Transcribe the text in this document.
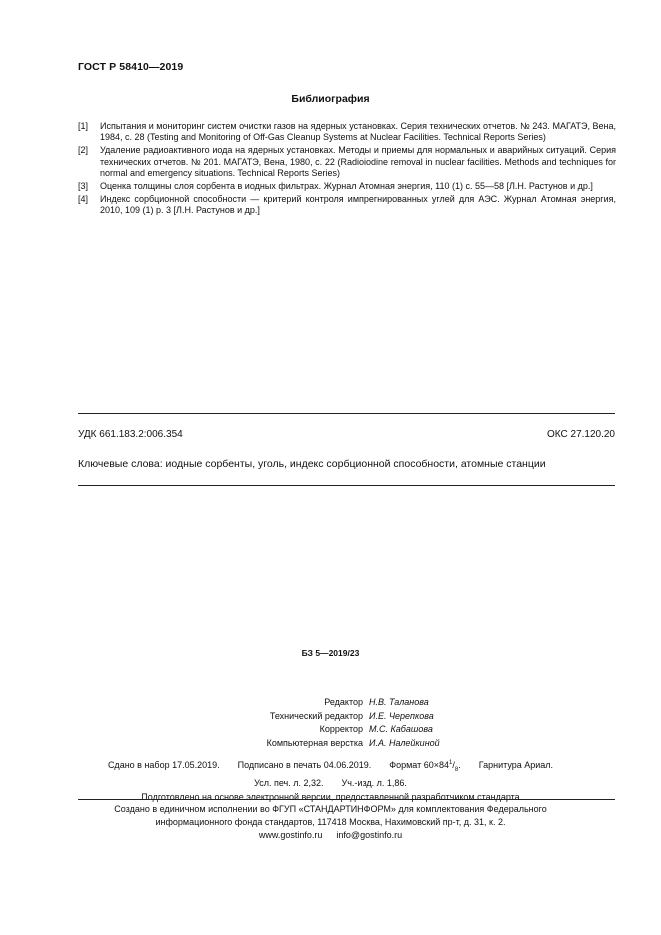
ГОСТ Р 58410—2019
Библиография
[1]	Испытания и мониторинг систем очистки газов на ядерных установках. Серия технических отчетов. № 243. МАГАТЭ, Вена, 1984, с. 28 (Testing and Monitoring of Off-Gas Cleanup Systems at Nuclear Facilities. Technical Reports Series)
[2]	Удаление радиоактивного иода на ядерных установках. Методы и приемы для нормальных и аварийных ситуаций. Серия технических отчетов. № 201. МАГАТЭ, Вена, 1980, с. 22 (Radioiodine removal in nuclear facilities. Methods and techniques for normal and emergency situations. Technical Reports Series)
[3]	Оценка толщины слоя сорбента в иодных фильтрах. Журнал Атомная энергия, 110 (1) с. 55—58 [Л.Н. Растунов и др.]
[4]	Индекс сорбционной способности — критерий контроля импрегнированных углей для АЭС. Журнал Атомная энергия, 2010, 109 (1) р. 3 [Л.Н. Растунов и др.]
УДК 661.183.2:006.354	ОКС 27.120.20
Ключевые слова: иодные сорбенты, уголь, индекс сорбционной способности, атомные станции
БЗ 5—2019/23
Редактор Н.В. Таланова
Технический редактор И.Е. Черепкова
Корректор М.С. Кабашова
Компьютерная верстка И.А. Налейкиной
Сдано в набор 17.05.2019. Подписано в печать 04.06.2019. Формат $60\times 84^1/_8$. Гарнитура Ариал.
Усл. печ. л. 2,32. Уч.-изд. л. 1,86.
Подготовлено на основе электронной версии, предоставленной разработчиком стандарта
Создано в единичном исполнении во ФГУП «СТАНДАРТИНФОРМ» для комплектования Федерального
информационного фонда стандартов, 117418 Москва, Нахимовский пр-т, д. 31, к. 2.
www.gostinfo.ru info@gostinfo.ru
